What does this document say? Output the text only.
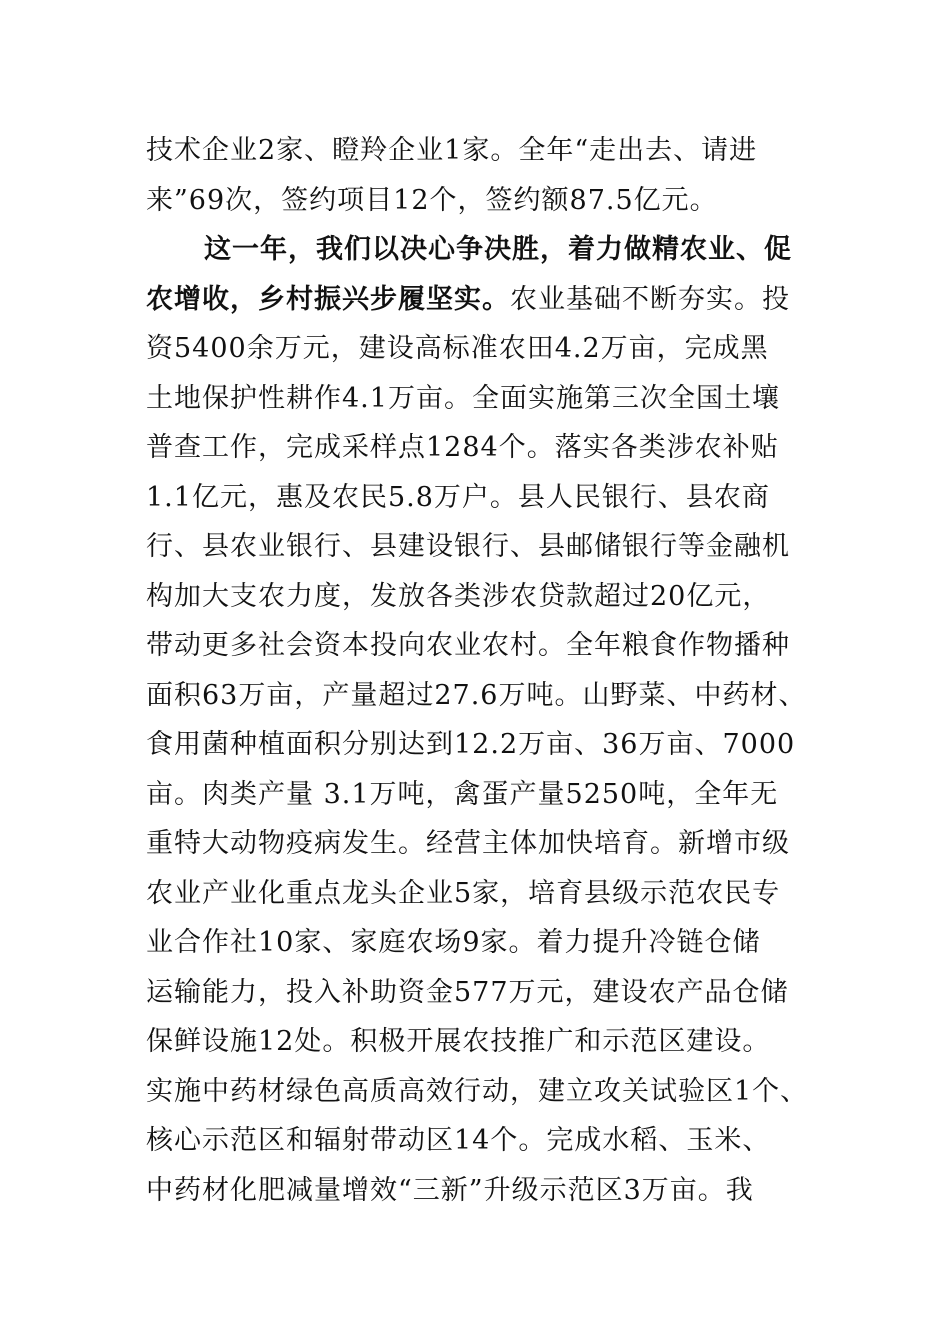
技术企业2家、瞪羚企业1家。全年“走出去、请进
来”69次，签约项目12个，签约额87.5亿元。
这一年，我们以决心争决胜，着力做精农业、促
农增收，乡村振兴步履坚实。农业基础不断夯实。投
资5400余万元，建设高标准农田4.2万亩，完成黑
土地保护性耕作4.1万亩。全面实施第三次全国土壤
普查工作，完成采样点1284个。落实各类涉农补贴
1.1亿元，惠及农民5.8万户。县人民银行、县农商
行、县农业银行、县建设银行、县邮储银行等金融机
构加大支农力度，发放各类涉农贷款超过20亿元，
带动更多社会资本投向农业农村。全年粮食作物播种
面积63万亩，产量超过27.6万吨。山野菜、中药材、
食用菌种植面积分别达到12.2万亩、36万亩、7000
亩。肉类产量 3.1万吨，禽蛋产量5250吨，全年无
重特大动物疫病发生。经营主体加快培育。新增市级
农业产业化重点龙头企业5家，培育县级示范农民专
业合作社10家、家庭农场9家。着力提升冷链仓储
运输能力，投入补助资金577万元，建设农产品仓储
保鲜设施12处。积极开展农技推广和示范区建设。
实施中药材绿色高质高效行动，建立攻关试验区1个、
核心示范区和辐射带动区14个。完成水稻、玉米、
中药材化肥减量增效“三新”升级示范区3万亩。我
